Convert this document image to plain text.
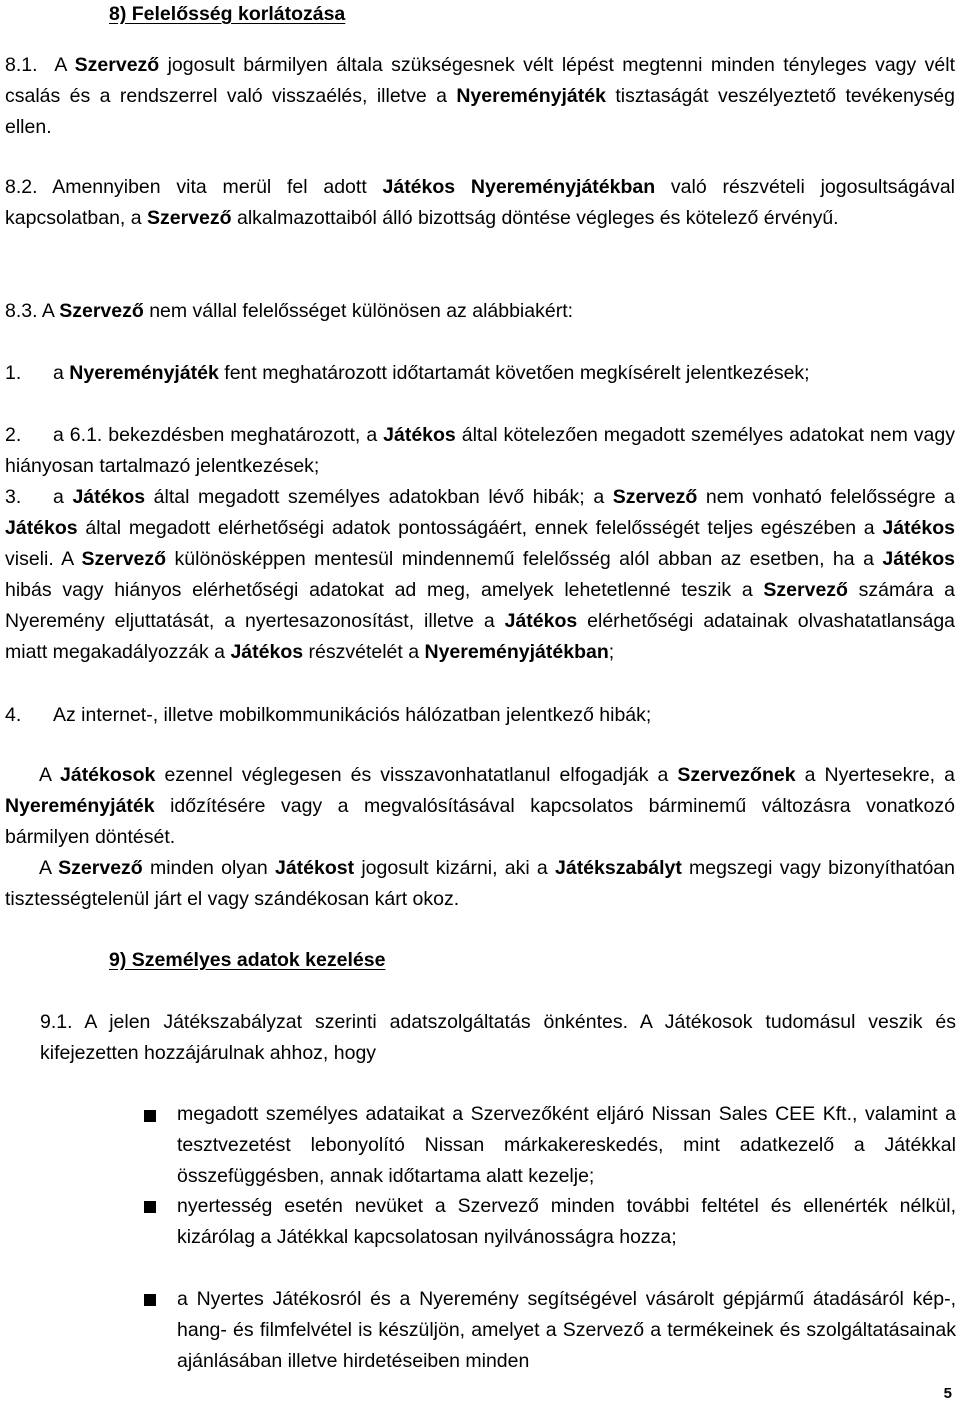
8) Felelősség korlátozása
8.1. A Szervező jogosult bármilyen általa szükségesnek vélt lépést megtenni minden tényleges vagy vélt csalás és a rendszerrel való visszaélés, illetve a Nyereményjáték tisztaságát veszélyeztető tevékenység ellen.
8.2. Amennyiben vita merül fel adott Játékos Nyereményjátékban való részvételi jogosultságával kapcsolatban, a Szervező alkalmazottaiból álló bizottság döntése végleges és kötelező érvényű.
8.3. A Szervező nem vállal felelősséget különösen az alábbiakért:
1. a Nyereményjáték fent meghatározott időtartamát követően megkísérelt jelentkezések;
2. a 6.1. bekezdésben meghatározott, a Játékos által kötelezően megadott személyes adatokat nem vagy hiányosan tartalmazó jelentkezések;
3. a Játékos által megadott személyes adatokban lévő hibák; a Szervező nem vonható felelősségre a Játékos által megadott elérhetőségi adatok pontosságáért, ennek felelősségét teljes egészében a Játékos viseli. A Szervező különösképpen mentesül mindennemű felelősség alól abban az esetben, ha a Játékos hibás vagy hiányos elérhetőségi adatokat ad meg, amelyek lehetetlenné teszik a Szervező számára a Nyeremény eljuttatását, a nyertesazonosítást, illetve a Játékos elérhetőségi adatainak olvashatatlansága miatt megakadályozzák a Játékos részvételét a Nyereményjátékban;
4. Az internet-, illetve mobilkommunikációs hálózatban jelentkező hibák;
A Játékosok ezennel véglegesen és visszavonhatatlanul elfogadják a Szervezőnek a Nyertesekre, a Nyereményjáték időzítésére vagy a megvalósításával kapcsolatos bárminemű változásra vonatkozó bármilyen döntését.
A Szervező minden olyan Játékost jogosult kizárni, aki a Játékszabályt megszegi vagy bizonyíthatóan tisztességtelenül járt el vagy szándékosan kárt okoz.
9) Személyes adatok kezelése
9.1. A jelen Játékszabályzat szerinti adatszolgáltatás önkéntes. A Játékosok tudomásul veszik és kifejezetten hozzájárulnak ahhoz, hogy
megadott személyes adataikat a Szervezőként eljáró Nissan Sales CEE Kft., valamint a tesztvezetést lebonyolító Nissan márkakereskedés, mint adatkezelő a Játékkal összefüggésben, annak időtartama alatt kezelje;
nyertesség esetén nevüket a Szervező minden további feltétel és ellenérték nélkül, kizárólag a Játékkal kapcsolatosan nyilvánosságra hozza;
a Nyertes Játékosról és a Nyeremény segítségével vásárolt gépjármű átadásáról kép-, hang- és filmfelvétel is készüljön, amelyet a Szervező a termékeinek és szolgáltatásainak ajánlásában illetve hirdetéseiben minden
5
